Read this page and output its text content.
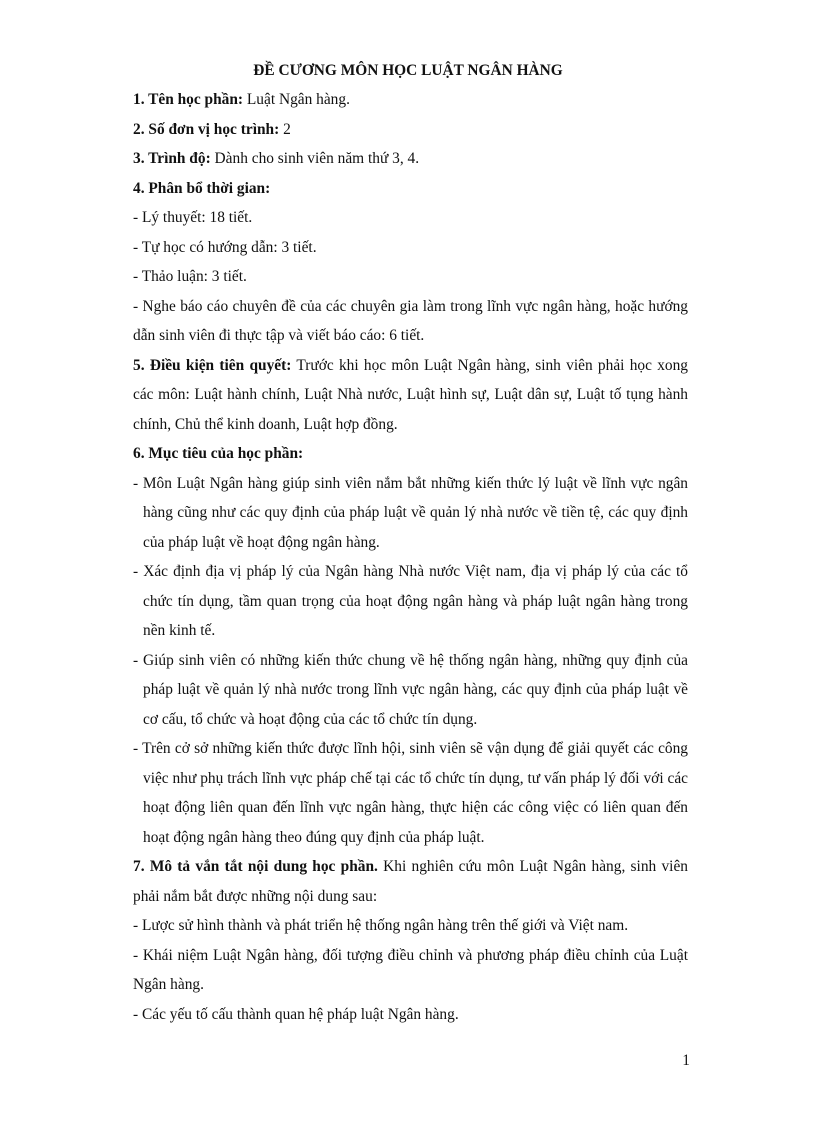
ĐỀ CƯƠNG MÔN HỌC LUẬT NGÂN HÀNG

1. Tên học phần: Luật Ngân hàng.

2. Số đơn vị học trình: 2

3. Trình độ: Dành cho sinh viên năm thứ 3, 4.

4. Phân bổ thời gian:

- Lý thuyết: 18 tiết.

- Tự học có hướng dẫn: 3 tiết.

- Thảo luận: 3 tiết.

- Nghe báo cáo chuyên đề của các chuyên gia làm trong lĩnh vực ngân hàng, hoặc hướng dẫn sinh viên đi thực tập và viết báo cáo: 6 tiết.

5. Điều kiện tiên quyết: Trước khi học môn Luật Ngân hàng, sinh viên phải học xong các môn: Luật hành chính, Luật Nhà nước, Luật hình sự, Luật dân sự, Luật tố tụng hành chính, Chủ thể kinh doanh, Luật hợp đồng.

6. Mục tiêu của học phần:

- Môn Luật Ngân hàng giúp sinh viên nắm bắt những kiến thức lý luật về lĩnh vực ngân hàng cũng như các quy định của pháp luật về quản lý nhà nước về tiền tệ, các quy định của pháp luật về hoạt động ngân hàng.

- Xác định địa vị pháp lý của Ngân hàng Nhà nước Việt nam, địa vị pháp lý của các tổ chức tín dụng, tầm quan trọng của hoạt động ngân hàng và pháp luật ngân hàng trong nền kinh tế.

- Giúp sinh viên có những kiến thức chung về hệ thống ngân hàng, những quy định của pháp luật về quản lý nhà nước trong lĩnh vực ngân hàng, các quy định của pháp luật về cơ cấu, tổ chức và hoạt động của các tổ chức tín dụng.

- Trên cở sở những kiến thức được lĩnh hội, sinh viên sẽ vận dụng để giải quyết các công việc như phụ trách lĩnh vực pháp chế tại các tổ chức tín dụng, tư vấn pháp lý đối với các hoạt động liên quan đến lĩnh vực ngân hàng, thực hiện các công việc có liên quan đến hoạt động ngân hàng theo đúng quy định của pháp luật.

7. Mô tả vắn tắt nội dung học phần. Khi nghiên cứu môn Luật Ngân hàng, sinh viên phải nắm bắt được những nội dung sau:

- Lược sử hình thành và phát triển hệ thống ngân hàng trên thế giới và Việt nam.

- Khái niệm Luật Ngân hàng, đối tượng điều chỉnh và phương pháp điều chỉnh của Luật Ngân hàng.

- Các yếu tố cấu thành quan hệ pháp luật Ngân hàng.

1
